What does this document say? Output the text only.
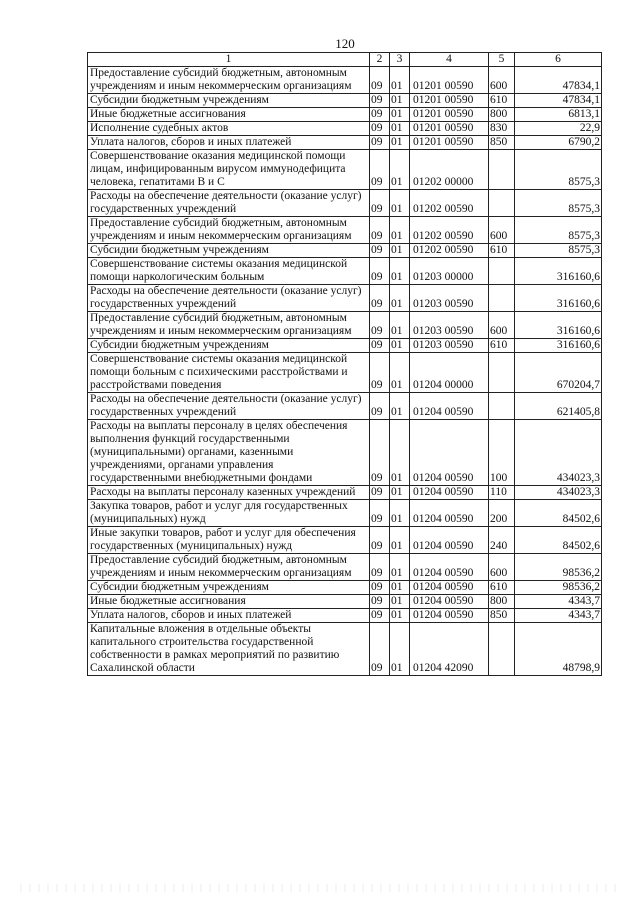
120
1	2	3	4	5	6
Предоставление субсидий бюджетным, автономным учреждениям и иным некоммерческим организациям	09	01	01201 00590	600	47834,1
Субсидии бюджетным учреждениям	09	01	01201 00590	610	47834,1
Иные бюджетные ассигнования	09	01	01201 00590	800	6813,1
Исполнение судебных актов	09	01	01201 00590	830	22,9
Уплата налогов, сборов и иных платежей	09	01	01201 00590	850	6790,2
Совершенствование оказания медицинской помощи лицам, инфицированным вирусом иммунодефицита человека, гепатитами В и С	09	01	01202 00000		8575,3
Расходы на обеспечение деятельности (оказание услуг) государственных учреждений	09	01	01202 00590		8575,3
Предоставление субсидий бюджетным, автономным учреждениям и иным некоммерческим организациям	09	01	01202 00590	600	8575,3
Субсидии бюджетным учреждениям	09	01	01202 00590	610	8575,3
Совершенствование системы оказания медицинской помощи наркологическим больным	09	01	01203 00000		316160,6
Расходы на обеспечение деятельности (оказание услуг) государственных учреждений	09	01	01203 00590		316160,6
Предоставление субсидий бюджетным, автономным учреждениям и иным некоммерческим организациям	09	01	01203 00590	600	316160,6
Субсидии бюджетным учреждениям	09	01	01203 00590	610	316160,6
Совершенствование системы оказания медицинской помощи больным с психическими расстройствами и расстройствами поведения	09	01	01204 00000		670204,7
Расходы на обеспечение деятельности (оказание услуг) государственных учреждений	09	01	01204 00590		621405,8
Расходы на выплаты персоналу в целях обеспечения выполнения функций государственными (муниципальными) органами, казенными учреждениями, органами управления государственными внебюджетными фондами	09	01	01204 00590	100	434023,3
Расходы на выплаты персоналу казенных учреждений	09	01	01204 00590	110	434023,3
Закупка товаров, работ и услуг для государственных (муниципальных) нужд	09	01	01204 00590	200	84502,6
Иные закупки товаров, работ и услуг для обеспечения государственных (муниципальных) нужд	09	01	01204 00590	240	84502,6
Предоставление субсидий бюджетным, автономным учреждениям и иным некоммерческим организациям	09	01	01204 00590	600	98536,2
Субсидии бюджетным учреждениям	09	01	01204 00590	610	98536,2
Иные бюджетные ассигнования	09	01	01204 00590	800	4343,7
Уплата налогов, сборов и иных платежей	09	01	01204 00590	850	4343,7
Капитальные вложения в отдельные объекты капитального строительства государственной собственности в рамках мероприятий по развитию Сахалинской области	09	01	01204 42090		48798,9
